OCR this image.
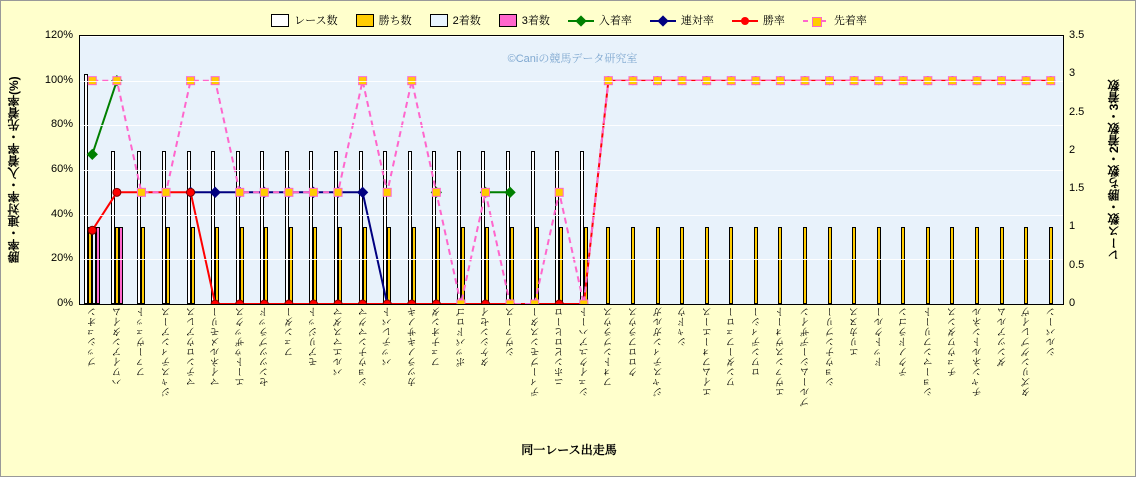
レース数	勝ち数	2着数	3着数	入着率	連対率	勝率	先着率
勝率・連対率・入着率・先着率(%)	レース数・勝ち数・2着数・3着数
0%
20%
40%
60%
80%
100%
120%
0
0.5
1
1.5
2
2.5
3
3.5
©Caniの競馬データ研究室
ブッシュオン ハワイアンタイム ファーヴェット ジャスティンアース マテンロウアレス マイネルメモリー エートゥザックス センツツブラッド フェンダー モアリジット バルエマスダマ ショウナンマグマ バッテレバト カツラノキサノキ フェナオンダ ポッパドロゴ タケシンセイ シヴァース ディープモンスター ニホンピロヒーロ シェイクユアハート フォトンブラウス クロロフラウス ジャスティンガルガ シャドウ エイムフォーエース ワンダーフェロー ロワンディシー エヴァンスヴォート ブルームシーデザイン ショウナンブリー エリカヌス ドットクルー テクノドラゴン ショーマンフリート チュウワダンス チャンネルトンネル ダンツアルム タズリングブレイヴ シルバーン
同一レース出走馬
